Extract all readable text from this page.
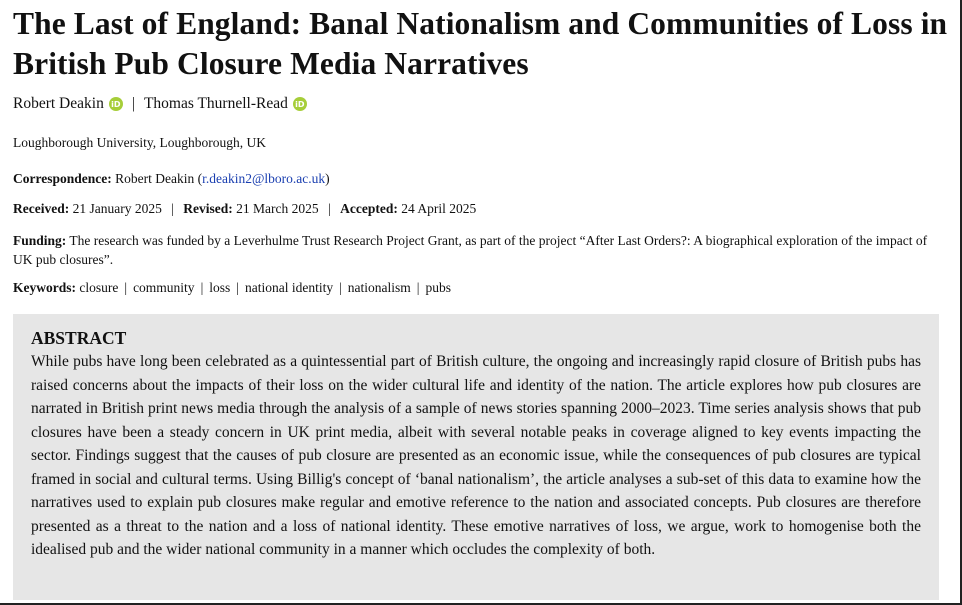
The Last of England: Banal Nationalism and Communities of Loss in British Pub Closure Media Narratives
Robert Deakin iD | Thomas Thurnell-Read iD
Loughborough University, Loughborough, UK
Correspondence: Robert Deakin (r.deakin2@lboro.ac.uk)
Received: 21 January 2025 | Revised: 21 March 2025 | Accepted: 24 April 2025
Funding: The research was funded by a Leverhulme Trust Research Project Grant, as part of the project “After Last Orders?: A biographical exploration of the impact of UK pub closures”.
Keywords: closure | community | loss | national identity | nationalism | pubs
ABSTRACT

While pubs have long been celebrated as a quintessential part of British culture, the ongoing and increasingly rapid closure of British pubs has raised concerns about the impacts of their loss on the wider cultural life and identity of the nation. The article explores how pub closures are narrated in British print news media through the analysis of a sample of news stories spanning 2000–2023. Time series analysis shows that pub closures have been a steady concern in UK print media, albeit with several notable peaks in coverage aligned to key events impacting the sector. Findings suggest that the causes of pub closure are presented as an economic issue, while the consequences of pub closures are typical framed in social and cultural terms. Using Billig's concept of ‘banal nationalism’, the article analyses a sub-set of this data to examine how the narratives used to explain pub closures make regular and emotive reference to the nation and associated concepts. Pub closures are therefore presented as a threat to the nation and a loss of national identity. These emotive narratives of loss, we argue, work to homogenise both the idealised pub and the wider national community in a manner which occludes the complexity of both.
